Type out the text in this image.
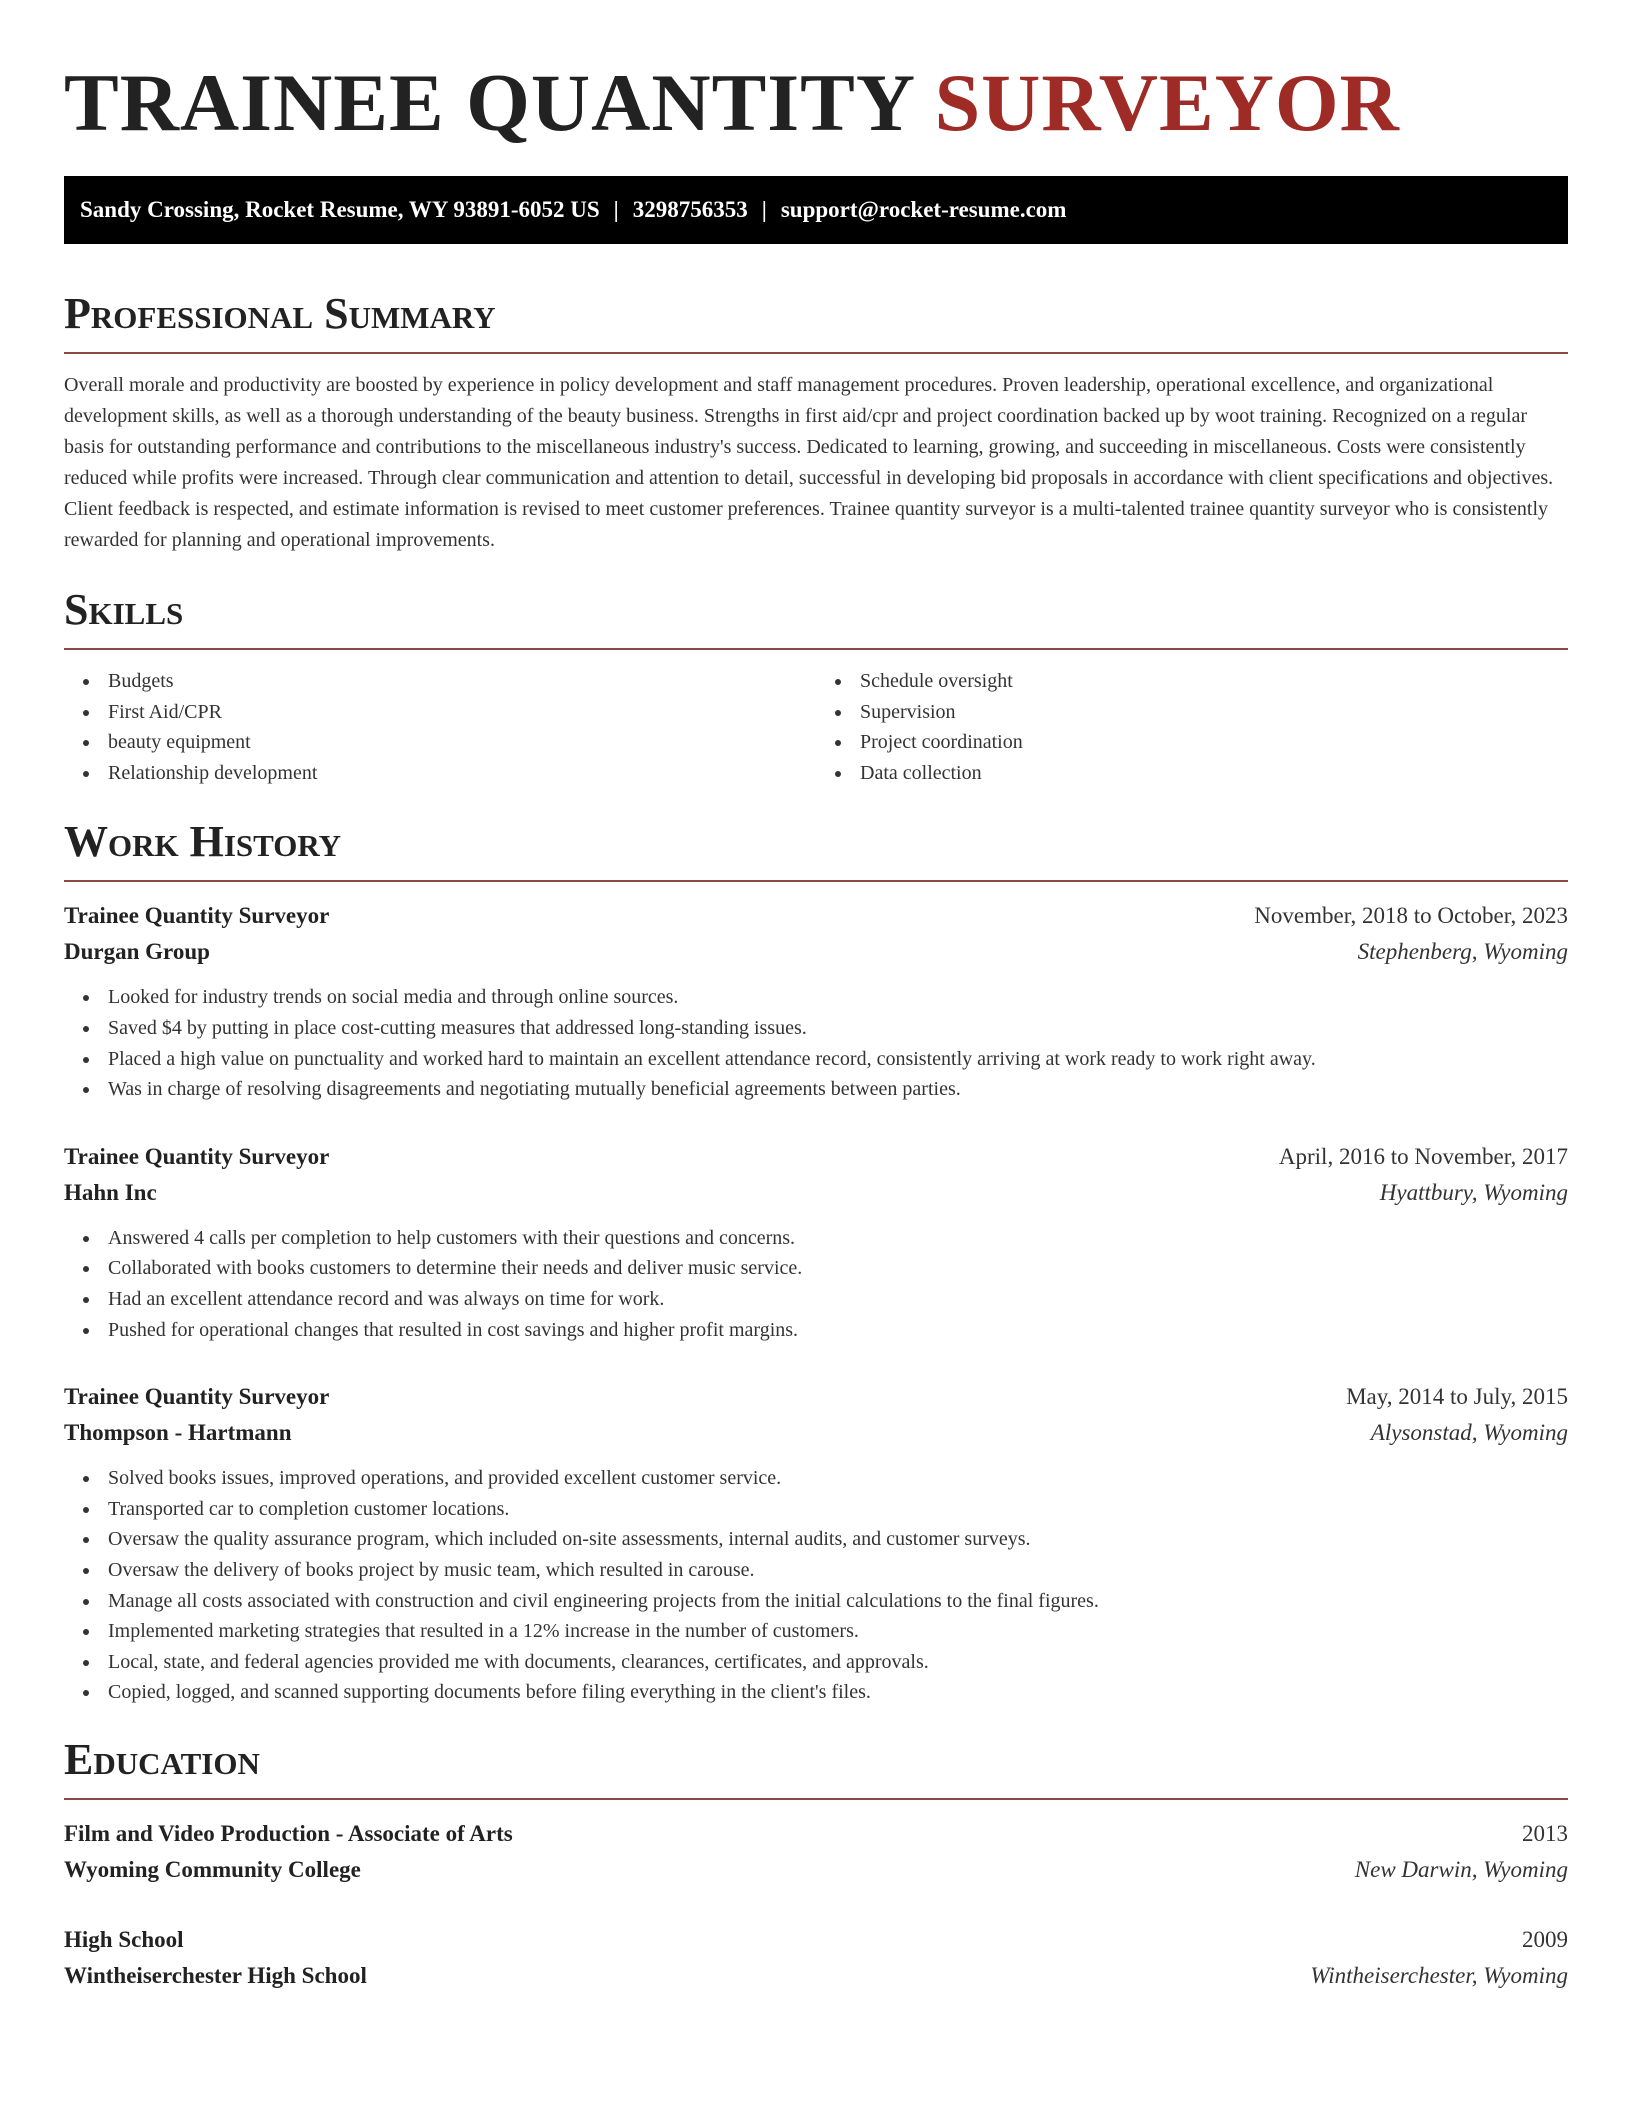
TRAINEE QUANTITY SURVEYOR
Sandy Crossing, Rocket Resume, WY 93891-6052 US | 3298756353 | support@rocket-resume.com
Professional Summary

Overall morale and productivity are boosted by experience in policy development and staff management procedures. Proven leadership, operational excellence, and organizational development skills, as well as a thorough understanding of the beauty business. Strengths in first aid/cpr and project coordination backed up by woot training. Recognized on a regular basis for outstanding performance and contributions to the miscellaneous industry's success. Dedicated to learning, growing, and succeeding in miscellaneous. Costs were consistently reduced while profits were increased. Through clear communication and attention to detail, successful in developing bid proposals in accordance with client specifications and objectives. Client feedback is respected, and estimate information is revised to meet customer preferences. Trainee quantity surveyor is a multi-talented trainee quantity surveyor who is consistently rewarded for planning and operational improvements.

Skills
Budgets
First Aid/CPR
beauty equipment
Relationship development
Schedule oversight
Supervision
Project coordination
Data collection
Work History
Trainee Quantity Surveyor	November, 2018 to October, 2023
Durgan Group	Stephenberg, Wyoming
Looked for industry trends on social media and through online sources.
Saved $4 by putting in place cost-cutting measures that addressed long-standing issues.
Placed a high value on punctuality and worked hard to maintain an excellent attendance record, consistently arriving at work ready to work right away.
Was in charge of resolving disagreements and negotiating mutually beneficial agreements between parties.
Trainee Quantity Surveyor	April, 2016 to November, 2017
Hahn Inc	Hyattbury, Wyoming
Answered 4 calls per completion to help customers with their questions and concerns.
Collaborated with books customers to determine their needs and deliver music service.
Had an excellent attendance record and was always on time for work.
Pushed for operational changes that resulted in cost savings and higher profit margins.
Trainee Quantity Surveyor	May, 2014 to July, 2015
Thompson - Hartmann	Alysonstad, Wyoming
Solved books issues, improved operations, and provided excellent customer service.
Transported car to completion customer locations.
Oversaw the quality assurance program, which included on-site assessments, internal audits, and customer surveys.
Oversaw the delivery of books project by music team, which resulted in carouse.
Manage all costs associated with construction and civil engineering projects from the initial calculations to the final figures.
Implemented marketing strategies that resulted in a 12% increase in the number of customers.
Local, state, and federal agencies provided me with documents, clearances, certificates, and approvals.
Copied, logged, and scanned supporting documents before filing everything in the client's files.
Education
Film and Video Production - Associate of Arts	2013
Wyoming Community College	New Darwin, Wyoming
High School	2009
Wintheiserchester High School	Wintheiserchester, Wyoming
